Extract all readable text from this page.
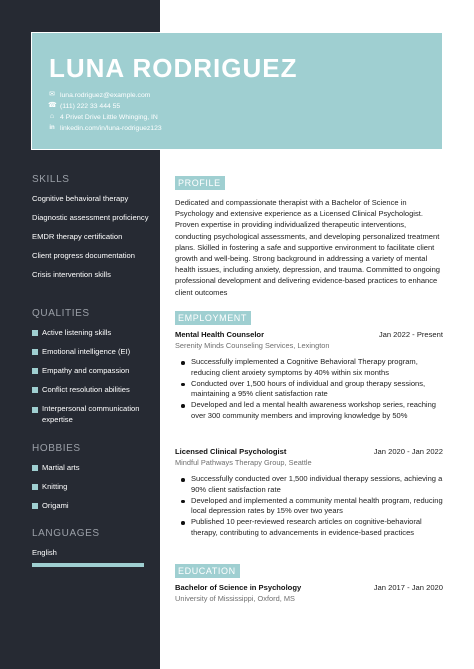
LUNA RODRIGUEZ
✉ luna.rodriguez@example.com
☎ (111) 222 33 444 55
⌂ 4 Privet Drive Little Whinging, IN
in linkedin.com/in/luna-rodriguez123
SKILLS
Cognitive behavioral therapy
Diagnostic assessment proficiency
EMDR therapy certification
Client progress documentation
Crisis intervention skills
QUALITIES
Active listening skills
Emotional intelligence (EI)
Empathy and compassion
Conflict resolution abilities
Interpersonal communication expertise
HOBBIES
Martial arts
Knitting
Origami
LANGUAGES
English
PROFILE
Dedicated and compassionate therapist with a Bachelor of Science in Psychology and extensive experience as a Licensed Clinical Psychologist. Proven expertise in providing individualized therapeutic interventions, conducting psychological assessments, and developing personalized treatment plans. Skilled in fostering a safe and supportive environment to facilitate client growth and well-being. Strong background in addressing a variety of mental health issues, including anxiety, depression, and trauma. Committed to ongoing professional development and delivering evidence-based practices to enhance client outcomes
EMPLOYMENT
Mental Health Counselor	Jan 2022 - Present
Serenity Minds Counseling Services, Lexington
Successfully implemented a Cognitive Behavioral Therapy program, reducing client anxiety symptoms by 40% within six months
Conducted over 1,500 hours of individual and group therapy sessions, maintaining a 95% client satisfaction rate
Developed and led a mental health awareness workshop series, reaching over 300 community members and improving knowledge by 50%
Licensed Clinical Psychologist	Jan 2020 - Jan 2022
Mindful Pathways Therapy Group, Seattle
Successfully conducted over 1,500 individual therapy sessions, achieving a 90% client satisfaction rate
Developed and implemented a community mental health program, reducing local depression rates by 15% over two years
Published 10 peer-reviewed research articles on cognitive-behavioral therapy, contributing to advancements in evidence-based practices
EDUCATION
Bachelor of Science in Psychology	Jan 2017 - Jan 2020
University of Mississippi, Oxford, MS
